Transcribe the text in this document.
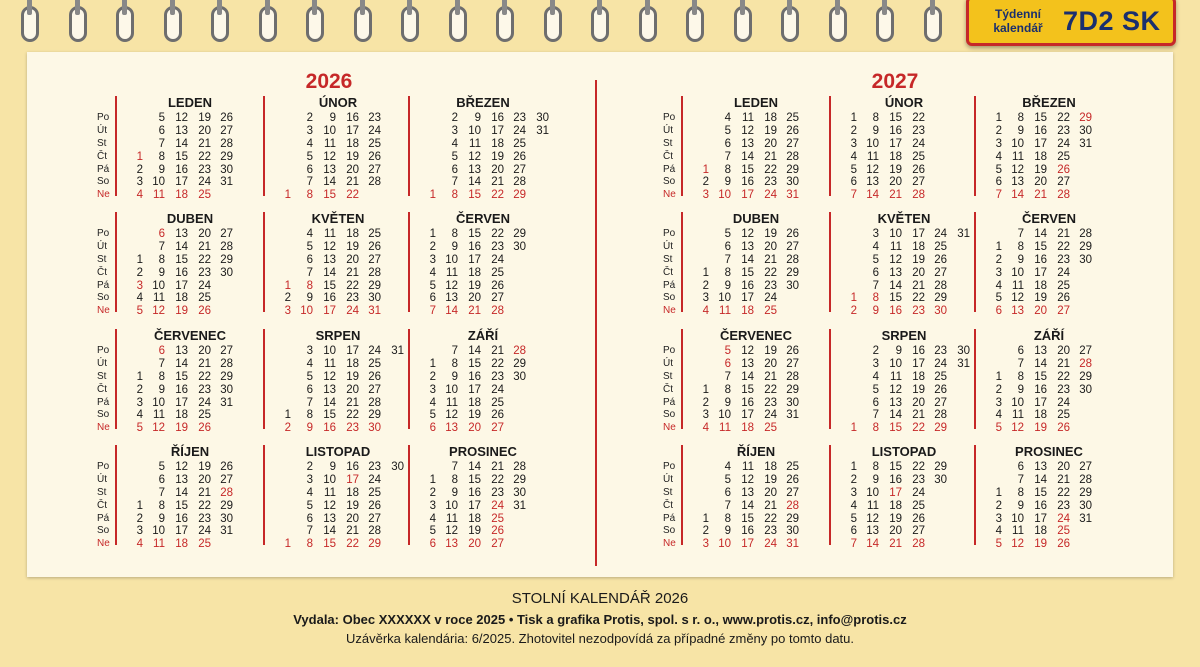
Týdenní
kalendář 7D2 SK
2026
Po
Út
St
Čt
Pá
So
Ne
LEDEN
1
2
3
4
5
6
7
8
9
10
11
12
13
14
15
16
17
18
19
20
21
22
23
24
25
26
27
28
29
30
31
ÚNOR
1
2
3
4
5
6
7
8
9
10
11
12
13
14
15
16
17
18
19
20
21
22
23
24
25
26
27
28
BŘEZEN
1
2
3
4
5
6
7
8
9
10
11
12
13
14
15
16
17
18
19
20
21
22
23
24
25
26
27
28
29
30
31
Po
Út
St
Čt
Pá
So
Ne
DUBEN
1
2
3
4
5
6
7
8
9
10
11
12
13
14
15
16
17
18
19
20
21
22
23
24
25
26
27
28
29
30
KVĚTEN
1
2
3
4
5
6
7
8
9
10
11
12
13
14
15
16
17
18
19
20
21
22
23
24
25
26
27
28
29
30
31
ČERVEN
1
2
3
4
5
6
7
8
9
10
11
12
13
14
15
16
17
18
19
20
21
22
23
24
25
26
27
28
29
30
Po
Út
St
Čt
Pá
So
Ne
ČERVENEC
1
2
3
4
5
6
7
8
9
10
11
12
13
14
15
16
17
18
19
20
21
22
23
24
25
26
27
28
29
30
31
SRPEN
1
2
3
4
5
6
7
8
9
10
11
12
13
14
15
16
17
18
19
20
21
22
23
24
25
26
27
28
29
30
31
ZÁŘÍ
1
2
3
4
5
6
7
8
9
10
11
12
13
14
15
16
17
18
19
20
21
22
23
24
25
26
27
28
29
30
Po
Út
St
Čt
Pá
So
Ne
ŘÍJEN
1
2
3
4
5
6
7
8
9
10
11
12
13
14
15
16
17
18
19
20
21
22
23
24
25
26
27
28
29
30
31
LISTOPAD
1
2
3
4
5
6
7
8
9
10
11
12
13
14
15
16
17
18
19
20
21
22
23
24
25
26
27
28
29
30
PROSINEC
1
2
3
4
5
6
7
8
9
10
11
12
13
14
15
16
17
18
19
20
21
22
23
24
25
26
27
28
29
30
31
2027
Po
Út
St
Čt
Pá
So
Ne
LEDEN
1
2
3
4
5
6
7
8
9
10
11
12
13
14
15
16
17
18
19
20
21
22
23
24
25
26
27
28
29
30
31
ÚNOR
1
2
3
4
5
6
7
8
9
10
11
12
13
14
15
16
17
18
19
20
21
22
23
24
25
26
27
28
BŘEZEN
1
2
3
4
5
6
7
8
9
10
11
12
13
14
15
16
17
18
19
20
21
22
23
24
25
26
27
28
29
30
31
Po
Út
St
Čt
Pá
So
Ne
DUBEN
1
2
3
4
5
6
7
8
9
10
11
12
13
14
15
16
17
18
19
20
21
22
23
24
25
26
27
28
29
30
KVĚTEN
1
2
3
4
5
6
7
8
9
10
11
12
13
14
15
16
17
18
19
20
21
22
23
24
25
26
27
28
29
30
31
ČERVEN
1
2
3
4
5
6
7
8
9
10
11
12
13
14
15
16
17
18
19
20
21
22
23
24
25
26
27
28
29
30
Po
Út
St
Čt
Pá
So
Ne
ČERVENEC
1
2
3
4
5
6
7
8
9
10
11
12
13
14
15
16
17
18
19
20
21
22
23
24
25
26
27
28
29
30
31
SRPEN
1
2
3
4
5
6
7
8
9
10
11
12
13
14
15
16
17
18
19
20
21
22
23
24
25
26
27
28
29
30
31
ZÁŘÍ
1
2
3
4
5
6
7
8
9
10
11
12
13
14
15
16
17
18
19
20
21
22
23
24
25
26
27
28
29
30
Po
Út
St
Čt
Pá
So
Ne
ŘÍJEN
1
2
3
4
5
6
7
8
9
10
11
12
13
14
15
16
17
18
19
20
21
22
23
24
25
26
27
28
29
30
31
LISTOPAD
1
2
3
4
5
6
7
8
9
10
11
12
13
14
15
16
17
18
19
20
21
22
23
24
25
26
27
28
29
30
PROSINEC
1
2
3
4
5
6
7
8
9
10
11
12
13
14
15
16
17
18
19
20
21
22
23
24
25
26
27
28
29
30
31
STOLNÍ KALENDÁŘ 2026
Vydala: Obec XXXXXX v roce 2025 • Tisk a grafika Protis, spol. s r. o., www.protis.cz, info@protis.cz
Uzávěrka kalendária: 6/2025. Zhotovitel nezodpovídá za případné změny po tomto datu.
